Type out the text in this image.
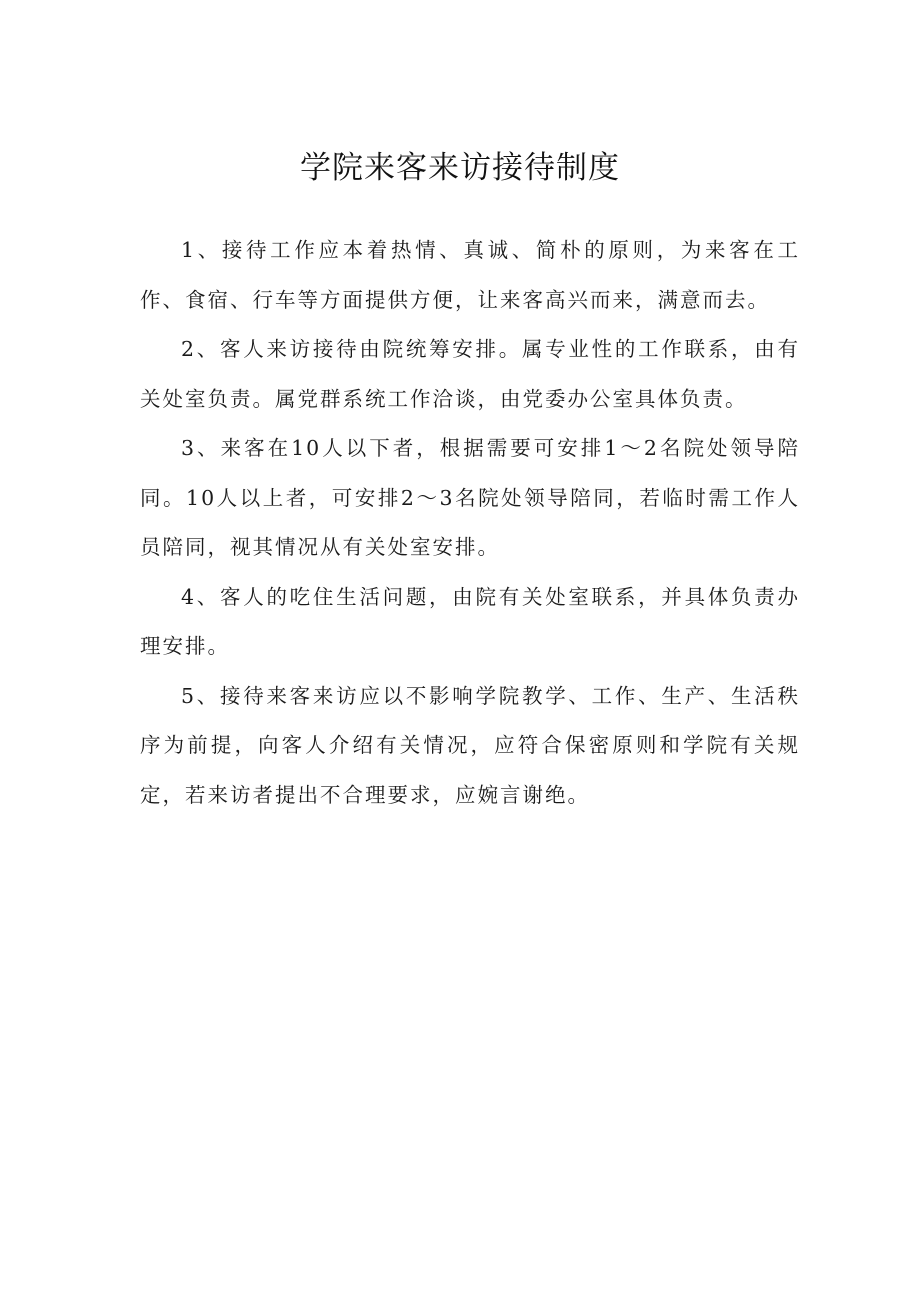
学院来客来访接待制度

1、接待工作应本着热情、真诚、简朴的原则，为来客在工作、食宿、行车等方面提供方便，让来客高兴而来，满意而去。

2、客人来访接待由院统筹安排。属专业性的工作联系，由有关处室负责。属党群系统工作洽谈，由党委办公室具体负责。

3、来客在10人以下者，根据需要可安排1～2名院处领导陪同。10人以上者，可安排2～3名院处领导陪同，若临时需工作人员陪同，视其情况从有关处室安排。

4、客人的吃住生活问题，由院有关处室联系，并具体负责办理安排。

5、接待来客来访应以不影响学院教学、工作、生产、生活秩序为前提，向客人介绍有关情况，应符合保密原则和学院有关规定，若来访者提出不合理要求，应婉言谢绝。
